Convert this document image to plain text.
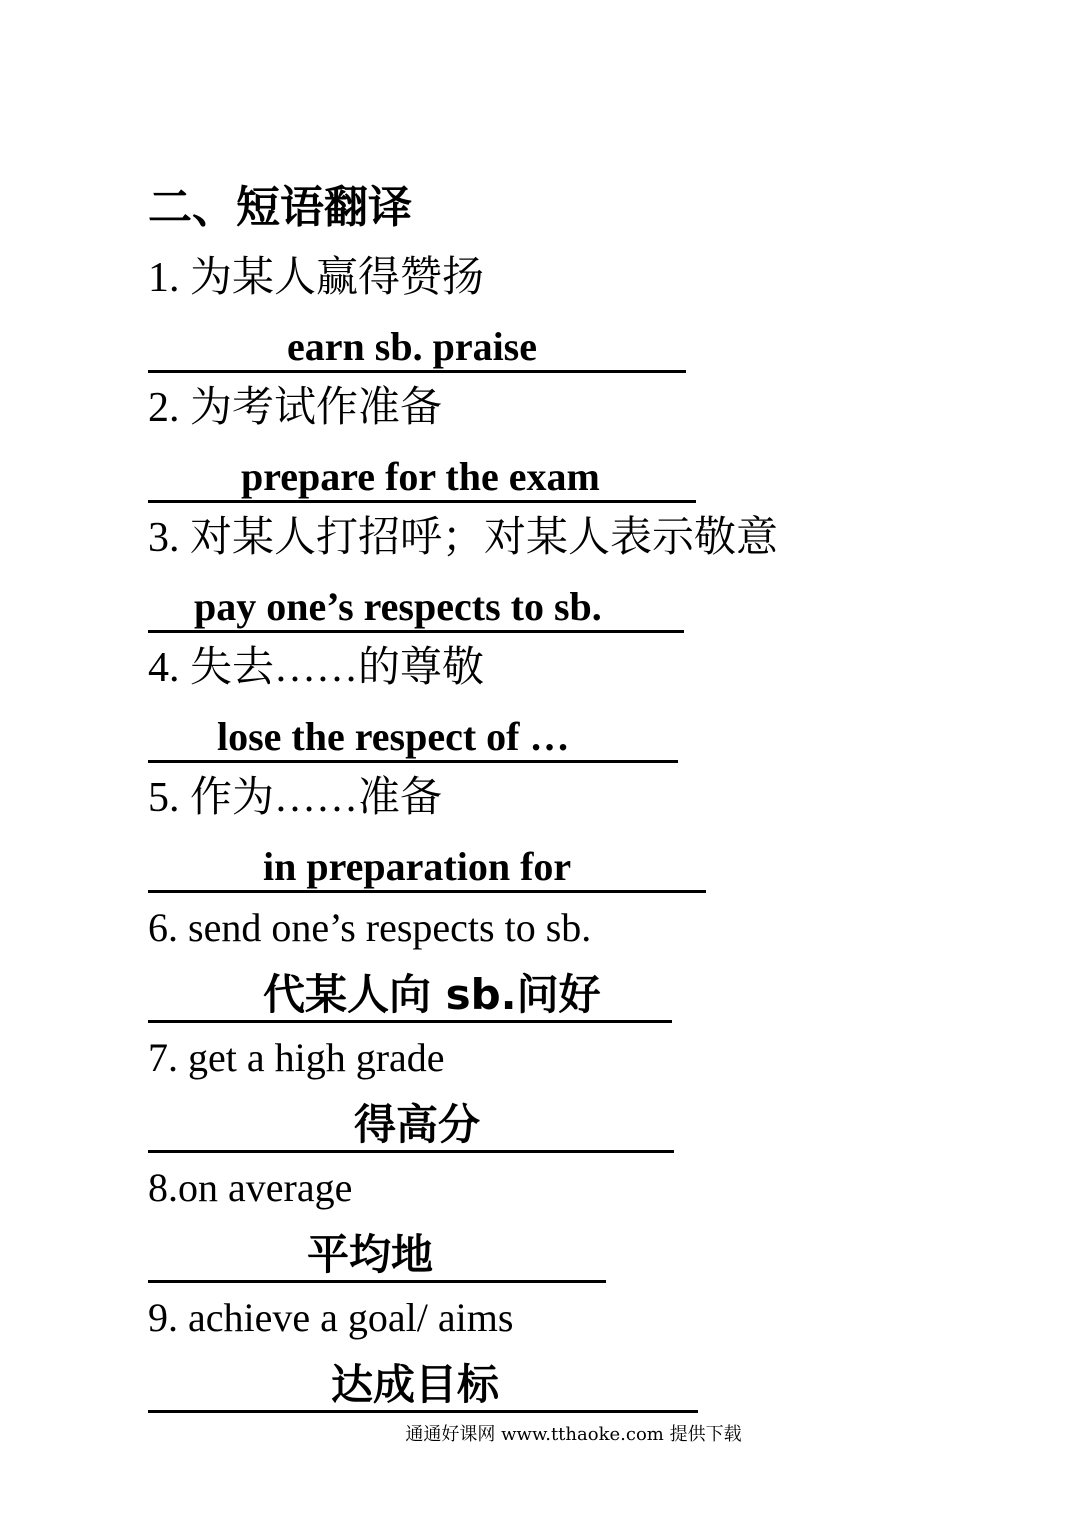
二、短语翻译
1. 为某人赢得赞扬
earn sb. praise
2. 为考试作准备
prepare for the exam
3. 对某人打招呼；对某人表示敬意
pay one’s respects to sb.
4. 失去……的尊敬
lose the respect of …
5. 作为……准备
in preparation for
6. send one’s respects to sb.
代某人向 sb.问好
7. get a high grade
得高分
8.on average
平均地
9. achieve a goal/ aims
达成目标
通通好课网 www.tthaoke.com 提供下载
